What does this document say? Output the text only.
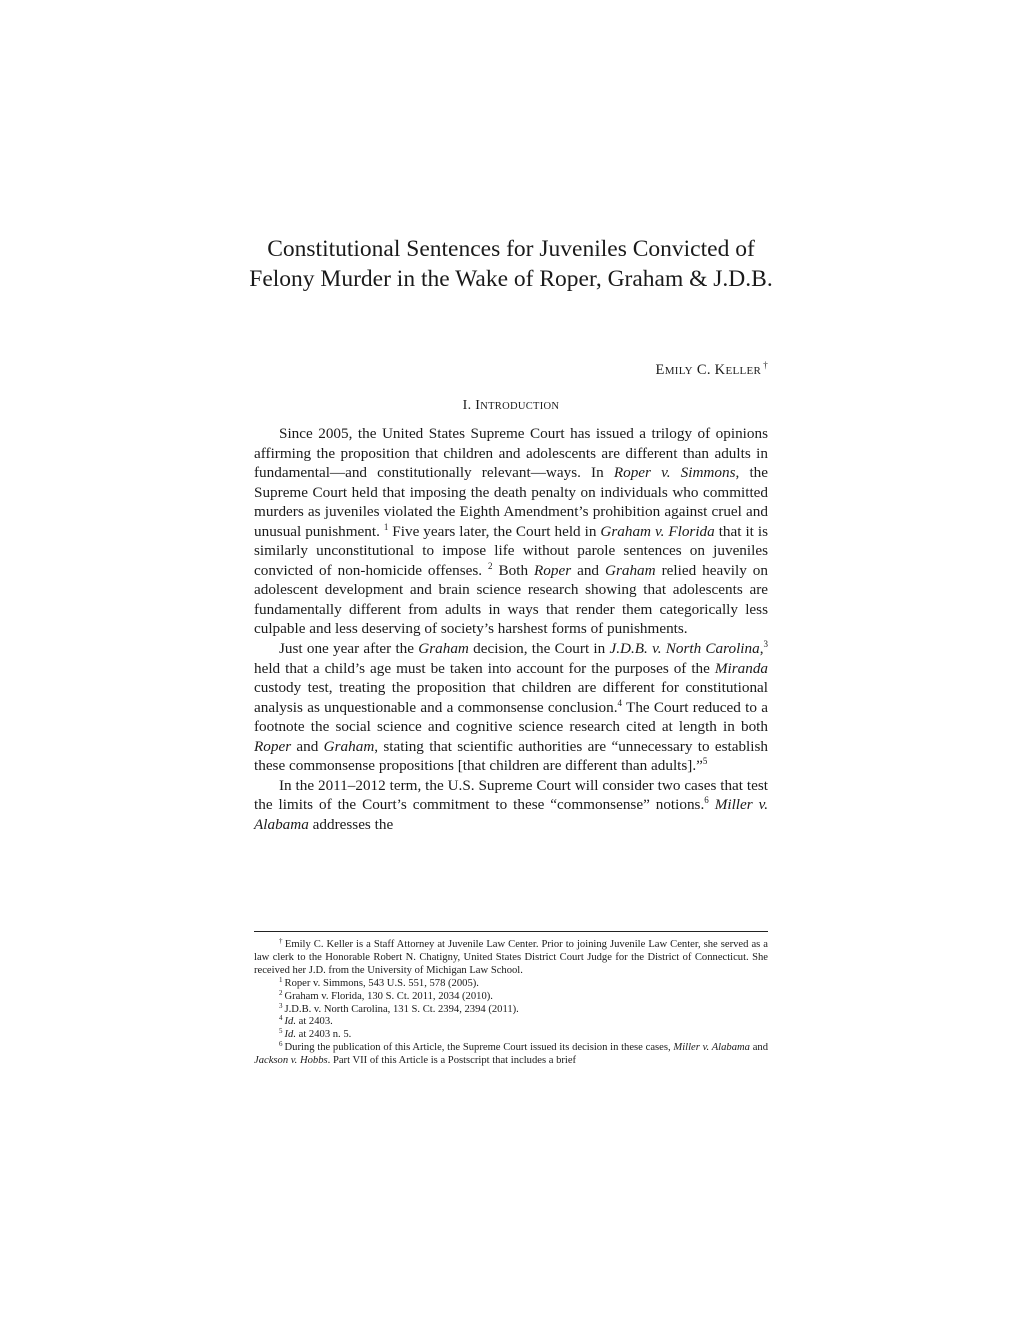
Constitutional Sentences for Juveniles Convicted of Felony Murder in the Wake of Roper, Graham & J.D.B.
EMILY C. KELLER †
I. INTRODUCTION

Since 2005, the United States Supreme Court has issued a trilogy of opinions affirming the proposition that children and adolescents are different than adults in fundamental—and constitutionally relevant—ways. In Roper v. Simmons, the Supreme Court held that imposing the death penalty on individuals who committed murders as juveniles violated the Eighth Amendment’s prohibition against cruel and unusual punishment. $^1$ Five years later, the Court held in Graham v. Florida that it is similarly unconstitutional to impose life without parole sentences on juveniles convicted of non-homicide offenses. $^2$ Both Roper and Graham relied heavily on adolescent development and brain science research showing that adolescents are fundamentally different from adults in ways that render them categorically less culpable and less deserving of society’s harshest forms of punishments.

Just one year after the Graham decision, the Court in J.D.B. v. North Carolina,$^3$ held that a child’s age must be taken into account for the purposes of the Miranda custody test, treating the proposition that children are different for constitutional analysis as unquestionable and a commonsense conclusion.$^4$ The Court reduced to a footnote the social science and cognitive science research cited at length in both Roper and Graham, stating that scientific authorities are “unnecessary to establish these commonsense propositions [that children are different than adults].”$^5$

In the 2011–2012 term, the U.S. Supreme Court will consider two cases that test the limits of the Court’s commitment to these “commonsense” notions.$^6$ Miller v. Alabama addresses the

† Emily C. Keller is a Staff Attorney at Juvenile Law Center. Prior to joining Juvenile Law Center, she served as a law clerk to the Honorable Robert N. Chatigny, United States District Court Judge for the District of Connecticut. She received her J.D. from the University of Michigan Law School.

$^1$ Roper v. Simmons, 543 U.S. 551, 578 (2005).

$^2$ Graham v. Florida, 130 S. Ct. 2011, 2034 (2010).

$^3$ J.D.B. v. North Carolina, 131 S. Ct. 2394, 2394 (2011).

$^4$ Id. at 2403.

$^5$ Id. at 2403 n. 5.

$^6$ During the publication of this Article, the Supreme Court issued its decision in these cases, Miller v. Alabama and Jackson v. Hobbs. Part VII of this Article is a Postscript that includes a brief
